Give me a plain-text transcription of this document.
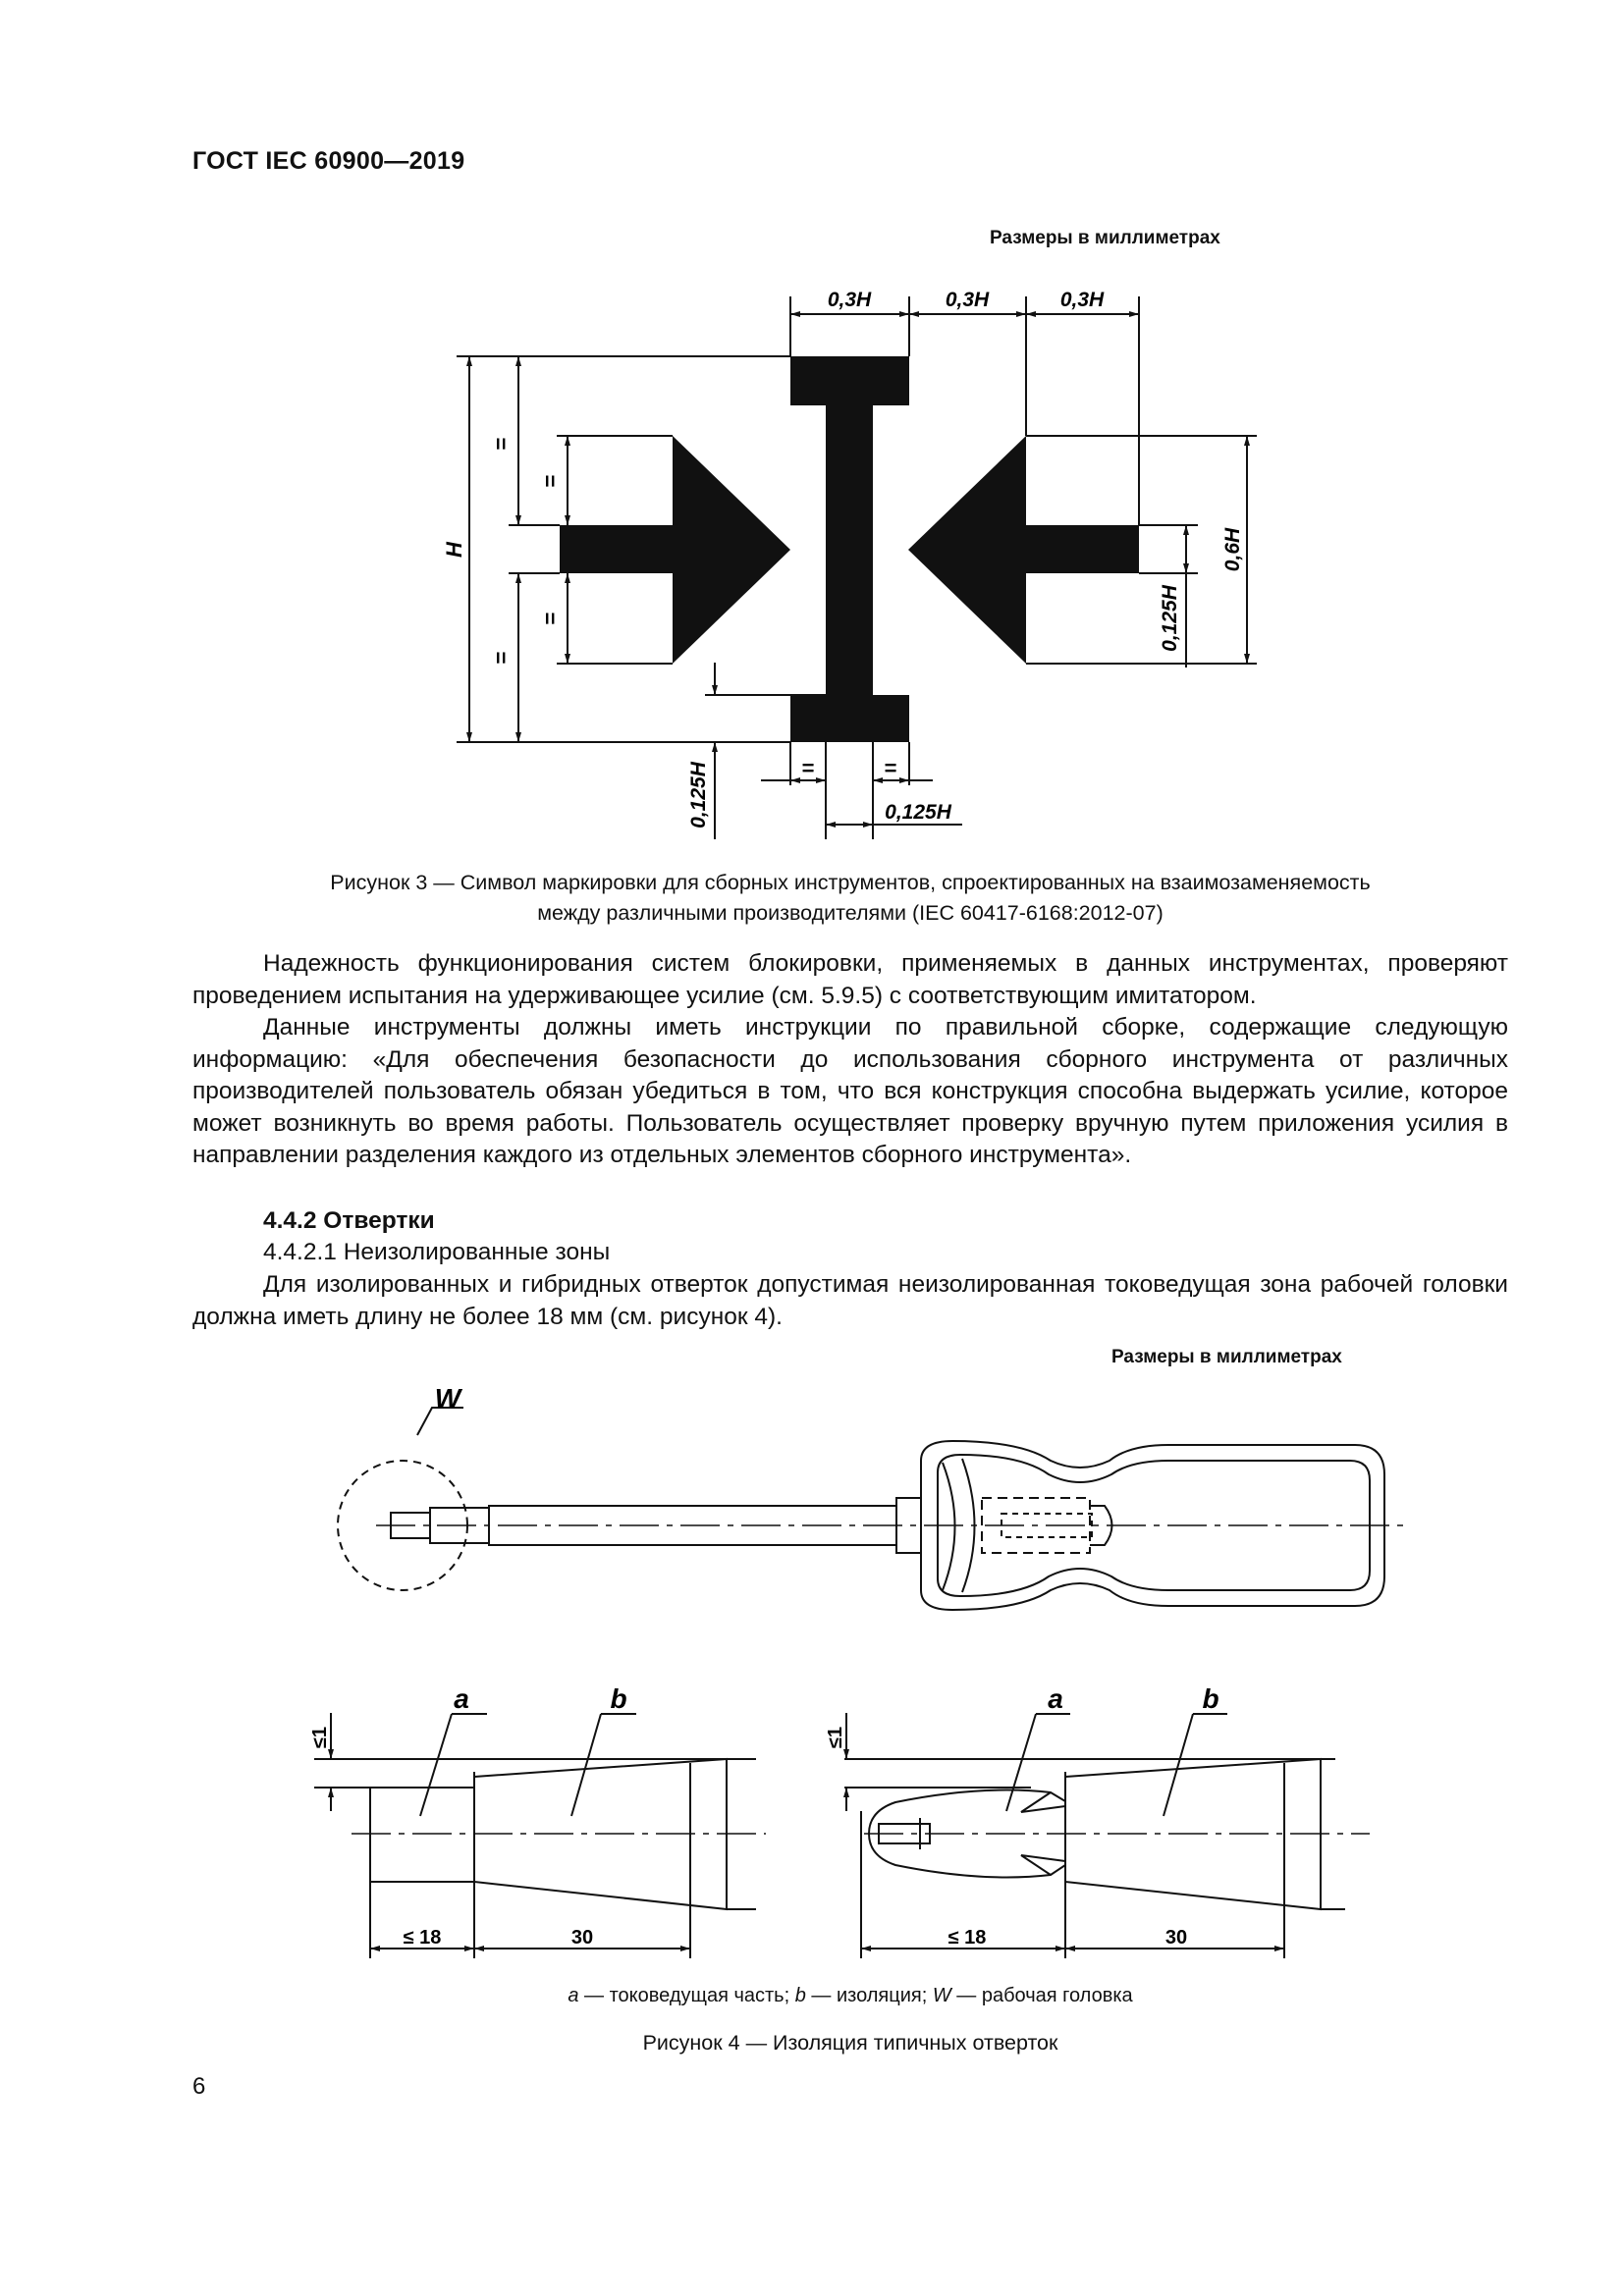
ГОСТ IEC 60900—2019
Размеры в миллиметрах
0,3H	0,3H	0,3H
H
=
=
=
=
0,6H
0,125H
0,125H	=	=
0,125H
Рисунок 3 — Символ маркировки для сборных инструментов, спроектированных на взаимозаменяемость
между различными производителями (IEC 60417-6168:2012-07)

Надежность функционирования систем блокировки, применяемых в данных инструментах, проверяют проведением испытания на удерживающее усилие (см. 5.9.5) с соответствующим имитатором.

Данные инструменты должны иметь инструкции по правильной сборке, содержащие следующую информацию: «Для обеспечения безопасности до использования сборного инструмента от различных производителей пользователь обязан убедиться в том, что вся конструкция способна выдержать усилие, которое может возникнуть во время работы. Пользователь осуществляет проверку вручную путем приложения усилия в направлении разделения каждого из отдельных элементов сборного инструмента».

4.4.2 Отвертки
4.4.2.1 Неизолированные зоны

Для изолированных и гибридных отверток допустимая неизолированная токоведущая зона рабочей головки должна иметь длину не более 18 мм (см. рисунок 4).

Размеры в миллиметрах
W
a	b
≤1
≤ 18	30
a	b
≤1
≤ 18	30
a — токоведущая часть; b — изоляция; W — рабочая головка
Рисунок 4 — Изоляция типичных отверток
6
